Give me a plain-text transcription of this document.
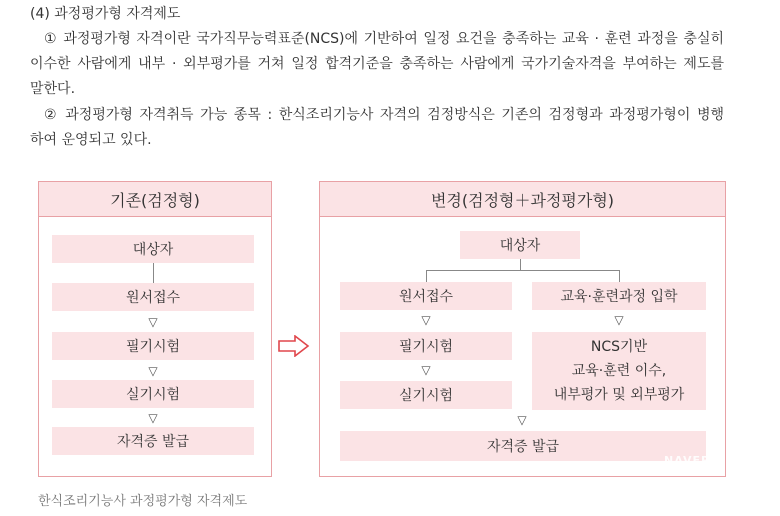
(4) 과정평가형 자격제도
① 과정평가형 자격이란 국가직무능력표준(NCS)에 기반하여 일정 요건을 충족하는 교육 · 훈련 과정을 충실히
이수한 사람에게 내부 · 외부평가를 거쳐 일정 합격기준을 충족하는 사람에게 국가기술자격을 부여하는 제도를
말한다.
② 과정평가형 자격취득 가능 종목 : 한식조리기능사 자격의 검정방식은 기존의 검정형과 과정평가형이 병행
하여 운영되고 있다.
기존(검정형)
대상자
원서접수
▽
필기시험
▽
실기시험
▽
자격증 발급
변경(검정형＋과정평가형)
대상자
원서접수
▽
필기시험
▽
실기시험
교육·훈련과정 입학
▽
NCS기반
교육·훈련 이수,
내부평가 및 외부평가
▽
자격증 발급
NAVER
한식조리기능사 과정평가형 자격제도
